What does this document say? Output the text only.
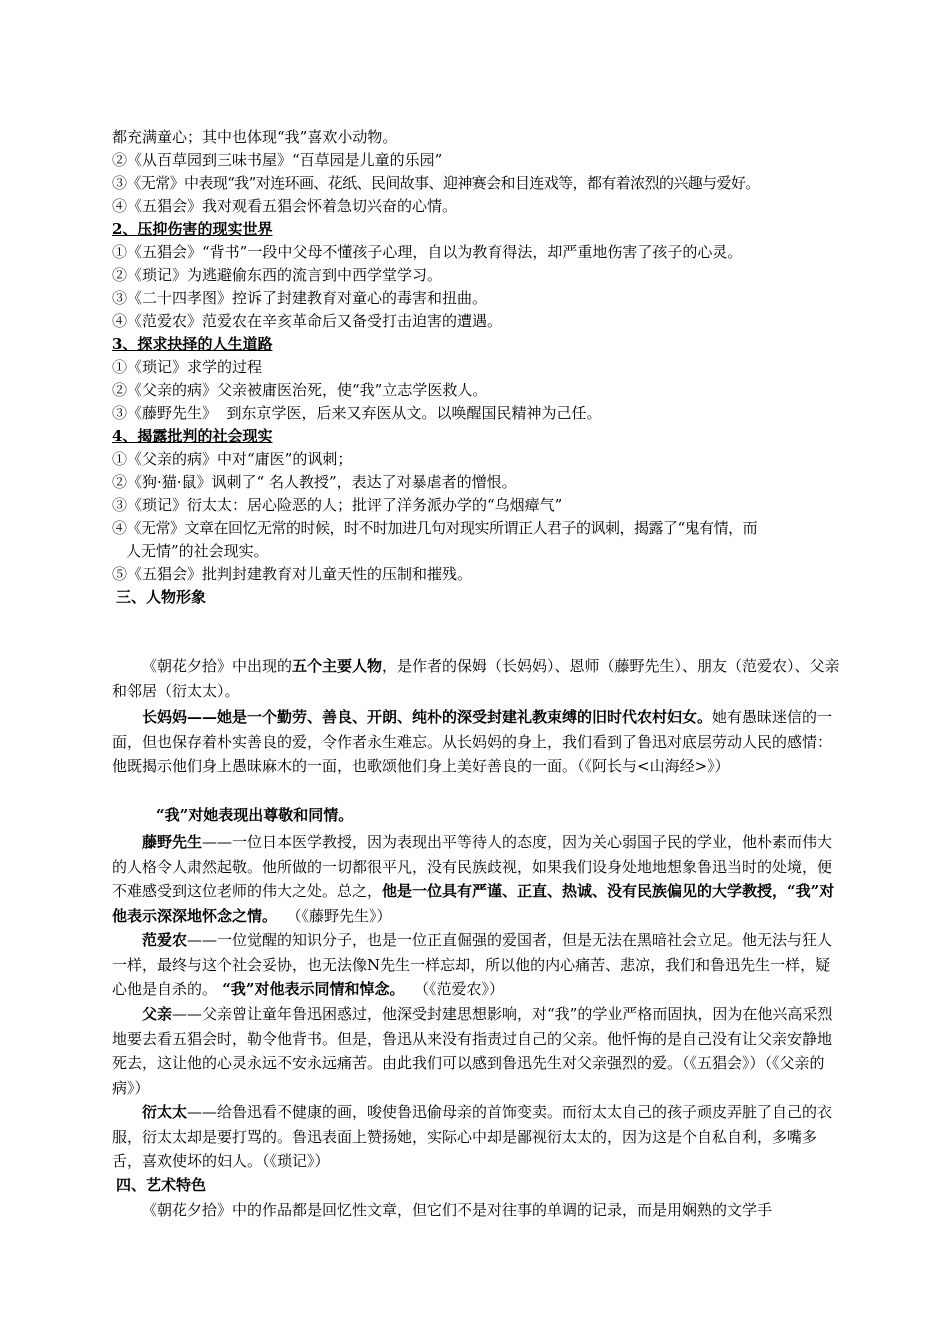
都充满童心；其中也体现“我”喜欢小动物。
②《从百草园到三味书屋》“百草园是儿童的乐园”
③《无常》中表现“我”对连环画、花纸、民间故事、迎神赛会和目连戏等，都有着浓烈的兴趣与爱好。
④《五猖会》我对观看五猖会怀着急切兴奋的心情。
2、压抑伤害的现实世界
①《五猖会》“背书”一段中父母不懂孩子心理，自以为教育得法，却严重地伤害了孩子的心灵。
②《琐记》为逃避偷东西的流言到中西学堂学习。
③《二十四孝图》控诉了封建教育对童心的毒害和扭曲。
④《范爱农》范爱农在辛亥革命后又备受打击迫害的遭遇。
3、探求抉择的人生道路
①《琐记》求学的过程
②《父亲的病》父亲被庸医治死，使“我”立志学医救人。
③《藤野先生》  到东京学医，后来又弃医从文。以唤醒国民精神为己任。
4、揭露批判的社会现实
①《父亲的病》中对“庸医”的讽刺；
②《狗·猫·鼠》讽刺了“ 名人教授”，表达了对暴虐者的憎恨。
③《琐记》衍太太：居心险恶的人；批评了洋务派办学的“乌烟瘴气”
④《无常》文章在回忆无常的时候，时不时加进几句对现实所谓正人君子的讽刺，揭露了“鬼有情，而
人无情”的社会现实。
⑤《五猖会》批判封建教育对儿童天性的压制和摧残。
三、人物形象
《朝花夕拾》中出现的五个主要人物，是作者的保姆（长妈妈）、恩师（藤野先生）、朋友（范爱农）、父亲和邻居（衍太太）。
长妈妈——她是一个勤劳、善良、开朗、纯朴的深受封建礼教束缚的旧时代农村妇女。她有愚昧迷信的一面，但也保存着朴实善良的爱，令作者永生难忘。从长妈妈的身上，我们看到了鲁迅对底层劳动人民的感情：他既揭示他们身上愚昧麻木的一面，也歌颂他们身上美好善良的一面。（《阿长与<山海经>》）
“我”对她表现出尊敬和同情。
藤野先生——一位日本医学教授，因为表现出平等待人的态度，因为关心弱国子民的学业，他朴素而伟大的人格令人肃然起敬。他所做的一切都很平凡，没有民族歧视，如果我们设身处地地想象鲁迅当时的处境，便不难感受到这位老师的伟大之处。总之，他是一位具有严谨、正直、热诚、没有民族偏见的大学教授，“我”对他表示深深地怀念之情。  （《藤野先生》）
范爱农——一位觉醒的知识分子，也是一位正直倔强的爱国者，但是无法在黑暗社会立足。他无法与狂人一样，最终与这个社会妥协，也无法像N先生一样忘却，所以他的内心痛苦、悲凉，我们和鲁迅先生一样，疑心他是自杀的。 “我”对他表示同情和悼念。  （《范爱农》）
父亲——父亲曾让童年鲁迅困惑过，他深受封建思想影响，对“我”的学业严格而固执，因为在他兴高采烈地要去看五猖会时，勒令他背书。但是，鲁迅从来没有指责过自己的父亲。他忏悔的是自己没有让父亲安静地死去，这让他的心灵永远不安永远痛苦。由此我们可以感到鲁迅先生对父亲强烈的爱。（《五猖会》）（《父亲的病》）
衍太太——给鲁迅看不健康的画，唆使鲁迅偷母亲的首饰变卖。而衍太太自己的孩子顽皮弄脏了自己的衣服，衍太太却是要打骂的。鲁迅表面上赞扬她，实际心中却是鄙视衍太太的，因为这是个自私自利，多嘴多舌，喜欢使坏的妇人。（《琐记》）
四、艺术特色
《朝花夕拾》中的作品都是回忆性文章，但它们不是对往事的单调的记录，而是用娴熟的文学手
